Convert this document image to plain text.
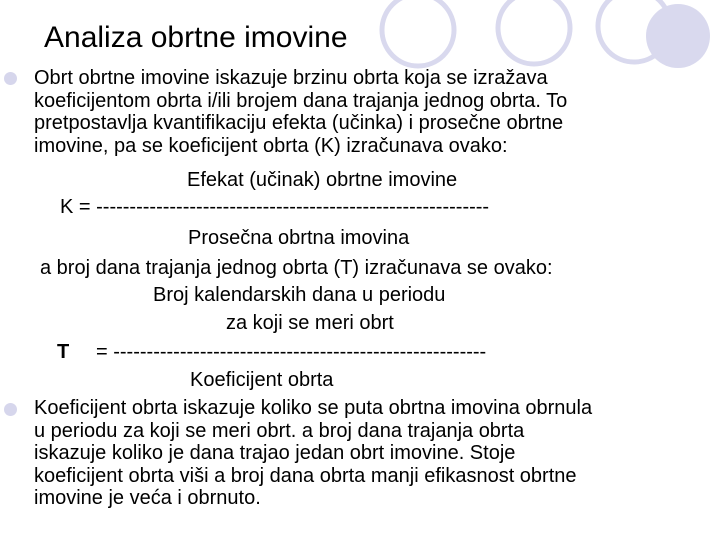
Analiza obrtne imovine
Obrt obrtne imovine iskazuje brzinu obrta koja se izražava
koeficijentom obrta i/ili brojem dana trajanja jednog obrta. To
pretpostavlja kvantifikaciju efekta (učinka) i prosečne obrtne
imovine, pa se koeficijent obrta (K) izračunava ovako:
Efekat (učinak) obrtne imovine
K = -----------------------------------------------------------
Prosečna obrtna imovina
a broj dana trajanja jednog obrta (T) izračunava se ovako:
Broj kalendarskih dana u periodu
za koji se meri obrt
T = --------------------------------------------------------
Koeficijent obrta
Koeficijent obrta iskazuje koliko se puta obrtna imovina obrnula
u periodu za koji se meri obrt. a broj dana trajanja obrta
iskazuje koliko je dana trajao jedan obrt imovine. Stoje
koeficijent obrta viši a broj dana obrta manji efikasnost obrtne
imovine je veća i obrnuto.
